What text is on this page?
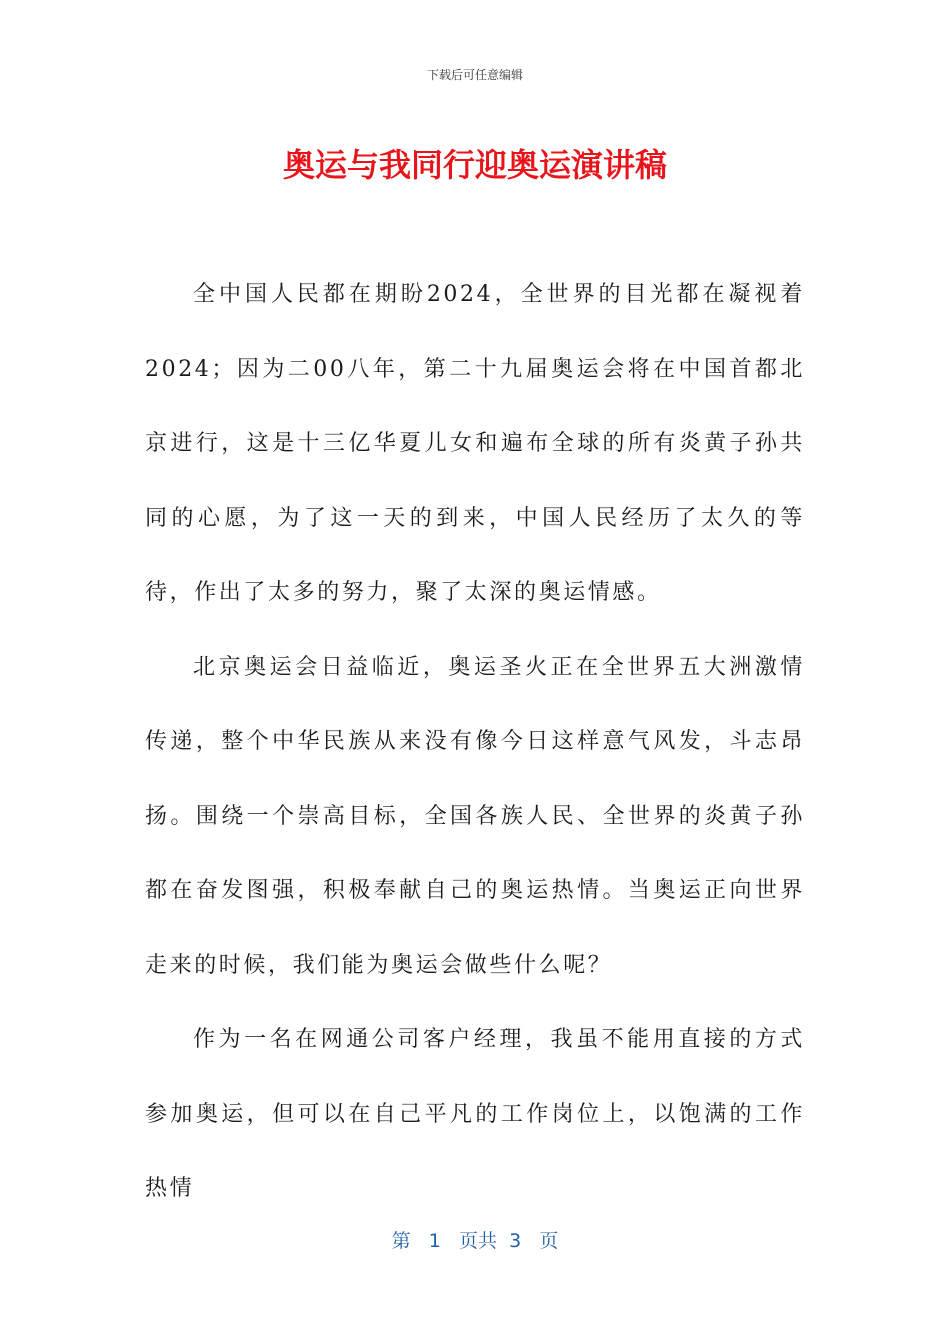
下载后可任意编辑
奥运与我同行迎奥运演讲稿

全中国人民都在期盼2024，全世界的目光都在凝视着2024；因为二00八年，第二十九届奥运会将在中国首都北京进行，这是十三亿华夏儿女和遍布全球的所有炎黄子孙共同的心愿，为了这一天的到来，中国人民经历了太久的等待，作出了太多的努力，聚了太深的奥运情感。

北京奥运会日益临近，奥运圣火正在全世界五大洲激情传递，整个中华民族从来没有像今日这样意气风发，斗志昂扬。围绕一个崇高目标，全国各族人民、全世界的炎黄子孙都在奋发图强，积极奉献自己的奥运热情。当奥运正向世界走来的时候，我们能为奥运会做些什么呢？

作为一名在网通公司客户经理，我虽不能用直接的方式参加奥运，但可以在自己平凡的工作岗位上，以饱满的工作热情

第 1 页共 3 页
